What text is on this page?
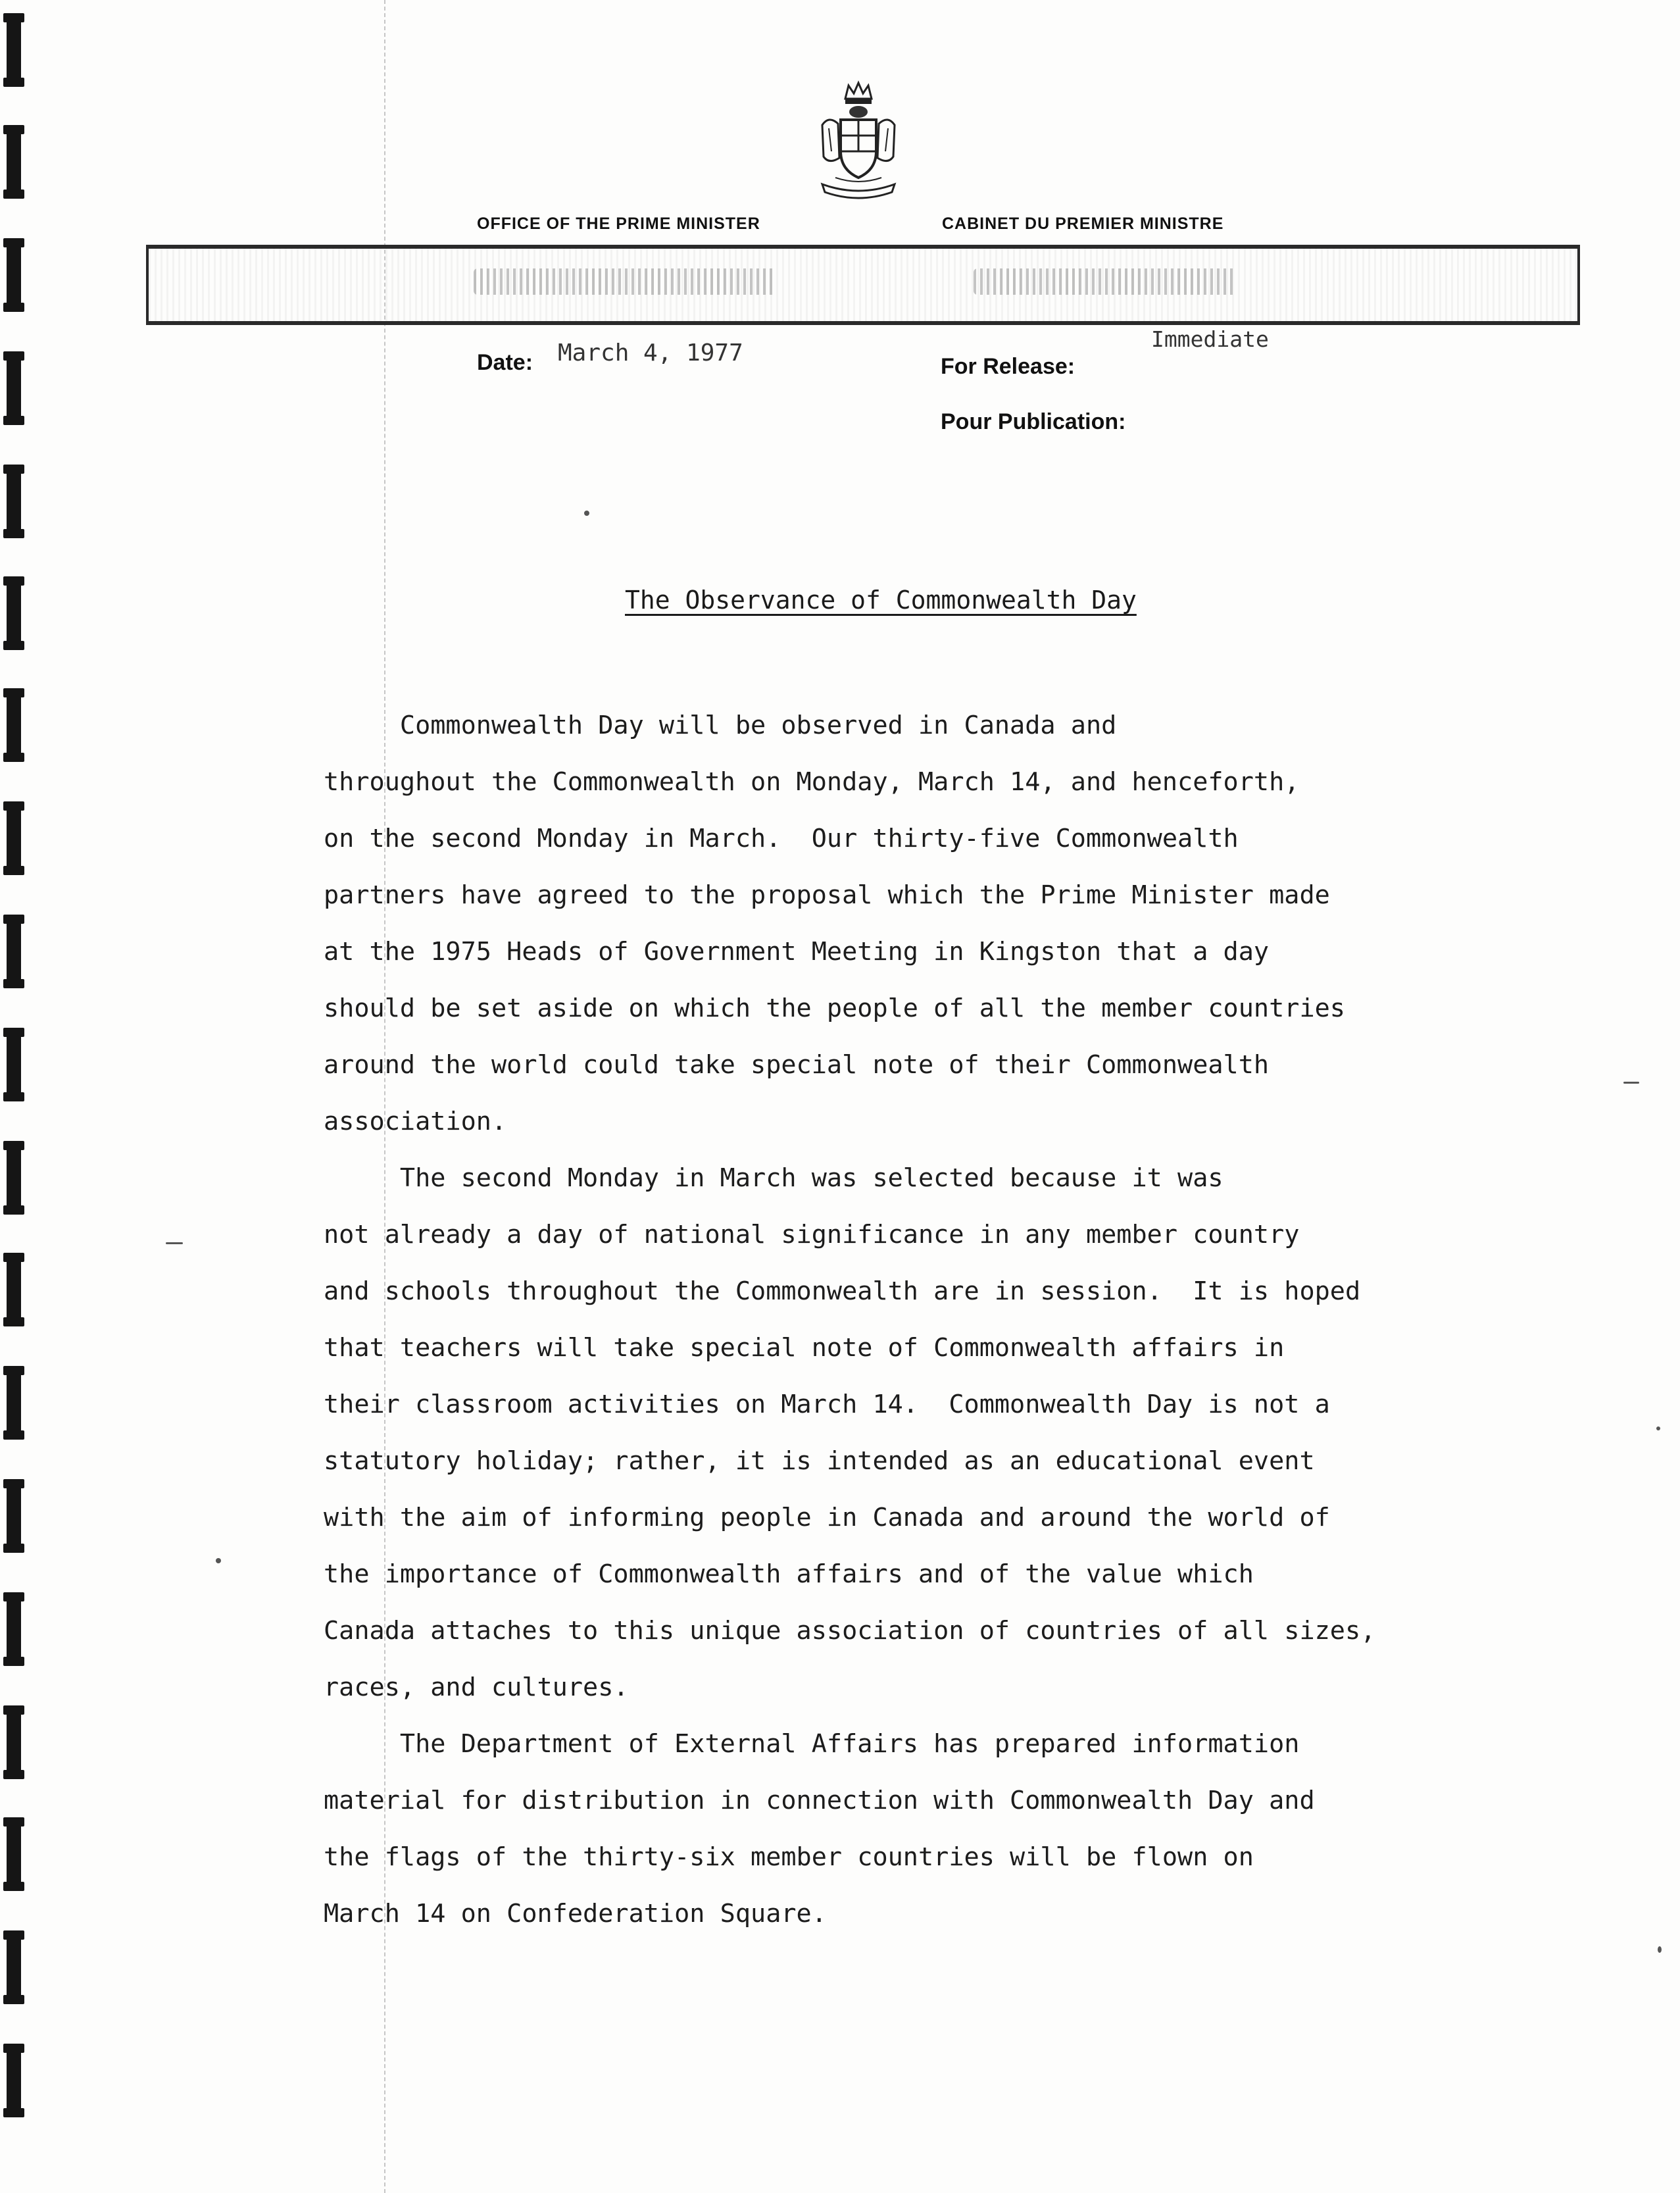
OFFICE OF THE PRIME MINISTER	CABINET DU PREMIER MINISTRE
Date: March 4, 1977	For Release:
Immediate
Pour Publication:
The Observance of Commonwealth Day
Commonwealth Day will be observed in Canada and
throughout the Commonwealth on Monday, March 14, and henceforth,
on the second Monday in March.  Our thirty-five Commonwealth
partners have agreed to the proposal which the Prime Minister made
at the 1975 Heads of Government Meeting in Kingston that a day
should be set aside on which the people of all the member countries
around the world could take special note of their Commonwealth
association.
The second Monday in March was selected because it was
not already a day of national significance in any member country
and schools throughout the Commonwealth are in session.  It is hoped
that teachers will take special note of Commonwealth affairs in
their classroom activities on March 14.  Commonwealth Day is not a
statutory holiday; rather, it is intended as an educational event
with the aim of informing people in Canada and around the world of
the importance of Commonwealth affairs and of the value which
Canada attaches to this unique association of countries of all sizes,
races, and cultures.
The Department of External Affairs has prepared information
material for distribution in connection with Commonwealth Day and
the flags of the thirty-six member countries will be flown on
March 14 on Confederation Square.
